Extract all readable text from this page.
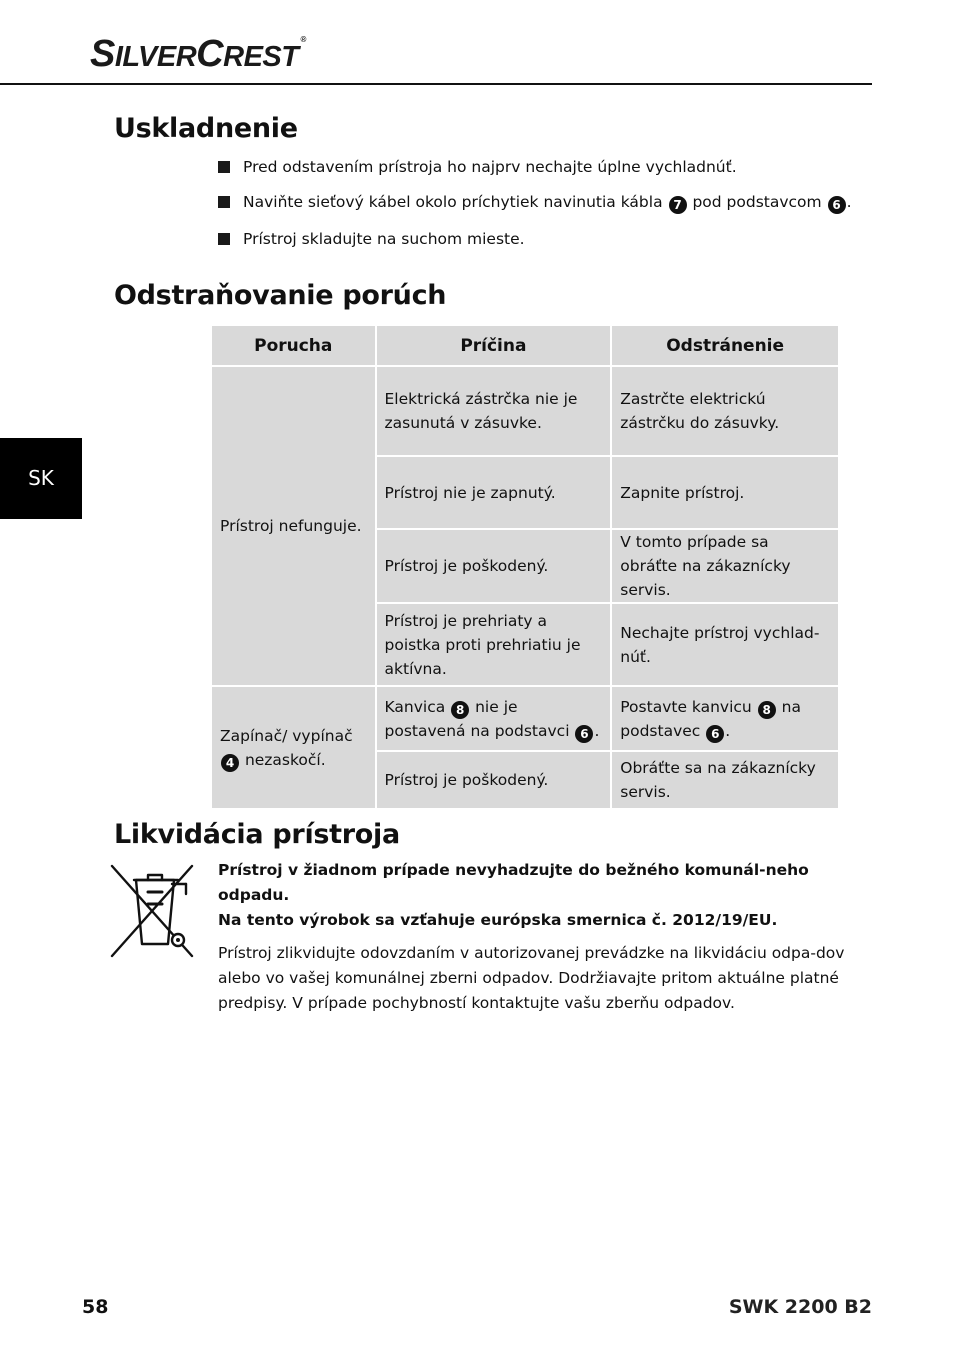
SILVERCREST®
SK
Uskladnenie
Pred odstavením prístroja ho najprv nechajte úplne vychladnúť.
Naviňte sieťový kábel okolo príchytiek navinutia kábla 7 pod podstavcom 6 .
Prístroj skladujte na suchom mieste.
Odstraňovanie porúch
Porucha	Príčina	Odstránenie
Prístroj nefunguje.	Elektrická zástrčka nie je zasunutá v zásuvke.	Zastrčte elektrickú zástrčku do zásuvky.
	Prístroj nie je zapnutý.	Zapnite prístroj.
	Prístroj je poškodený.	V tomto prípade sa obráťte na zákaznícky servis.
	Prístroj je prehriaty a poistka proti prehriatiu je aktívna.	Nechajte prístroj vychlad-núť.
Zapínač/ vypínač 4 nezaskočí.	Kanvica 8 nie je postavená na podstavci 6 .	Postavte kanvicu 8 na podstavec 6 .
	Prístroj je poškodený.	Obráťte sa na zákaznícky servis.
Likvidácia prístroja

Prístroj v žiadnom prípade nevyhadzujte do bežného komunál-neho odpadu.

Na tento výrobok sa vzťahuje európska smernica č. 2012/19/EU.

Prístroj zlikvidujte odovzdaním v autorizovanej prevádzke na likvidáciu odpa-dov alebo vo vašej komunálnej zberni odpadov. Dodržiavajte pritom aktuálne platné predpisy. V prípade pochybností kontaktujte vašu zberňu odpadov.

58	SWK 2200 B2
